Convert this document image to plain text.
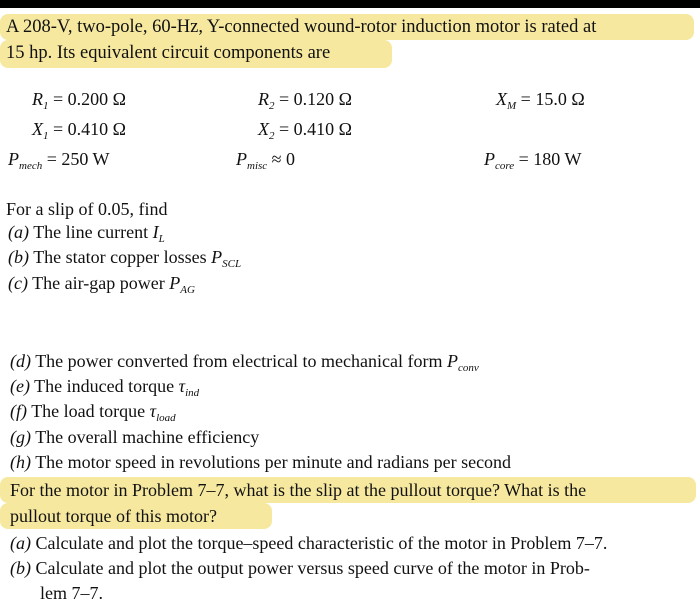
A 208-V, two-pole, 60-Hz, Y-connected wound-rotor induction motor is rated at
15 hp. Its equivalent circuit components are
$R_1 = 0.200$ Ω	$R_2 = 0.120$ Ω	$X_M = 15.0$ Ω
$X_1 = 0.410$ Ω	$X_2 = 0.410$ Ω
$P_{mech} = 250$ W	$P_{misc} \approx 0$	$P_{core} = 180$ W
For a slip of 0.05, find
(a) The line current $I_L$
(b) The stator copper losses $P_{SCL}$
(c) The air-gap power $P_{AG}$
(d) The power converted from electrical to mechanical form $P_{conv}$
(e) The induced torque $\tau_{ind}$
(f) The load torque $\tau_{load}$
(g) The overall machine efficiency
(h) The motor speed in revolutions per minute and radians per second
For the motor in Problem 7–7, what is the slip at the pullout torque? What is the
pullout torque of this motor?
(a) Calculate and plot the torque–speed characteristic of the motor in Problem 7–7.
(b) Calculate and plot the output power versus speed curve of the motor in Prob-
lem 7–7.
